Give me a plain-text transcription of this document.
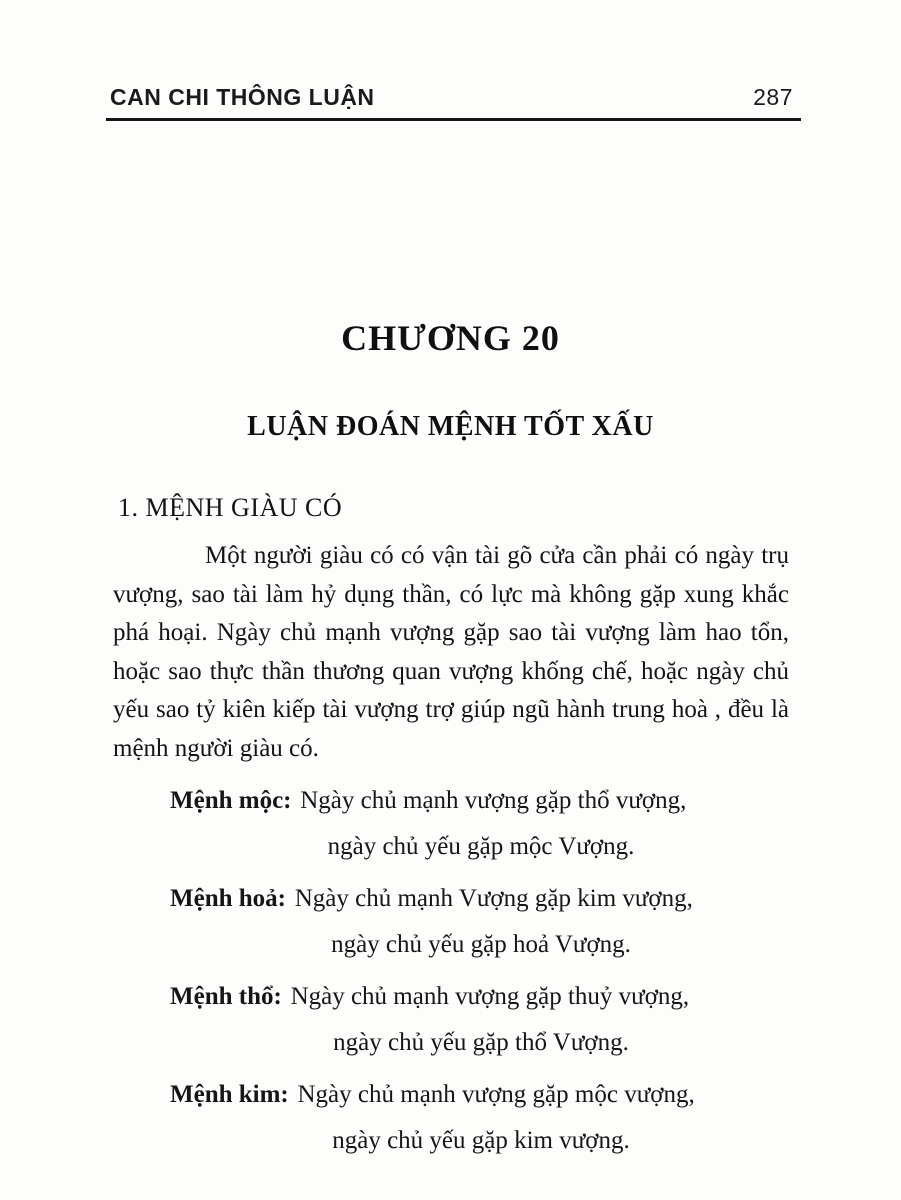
CAN CHI THÔNG LUẬN	287
CHƯƠNG 20
LUẬN ĐOÁN MỆNH TỐT XẤU
1. MỆNH GIÀU CÓ

Một người giàu có có vận tài gõ cửa cần phải có ngày trụ vượng, sao tài làm hỷ dụng thần, có lực mà không gặp xung khắc phá hoại. Ngày chủ mạnh vượng gặp sao tài vượng làm hao tổn, hoặc sao thực thần thương quan vượng khống chế, hoặc ngày chủ yếu sao tỷ kiên kiếp tài vượng trợ giúp ngũ hành trung hoà , đều là mệnh người giàu có.

Mệnh mộc: Ngày chủ mạnh vượng gặp thổ vượng,
ngày chủ yếu gặp mộc Vượng.
Mệnh hoả: Ngày chủ mạnh Vượng gặp kim vượng,
ngày chủ yếu gặp hoả Vượng.
Mệnh thổ: Ngày chủ mạnh vượng gặp thuỷ vượng,
ngày chủ yếu gặp thổ Vượng.
Mệnh kim: Ngày chủ mạnh vượng gặp mộc vượng,
ngày chủ yếu gặp kim vượng.
